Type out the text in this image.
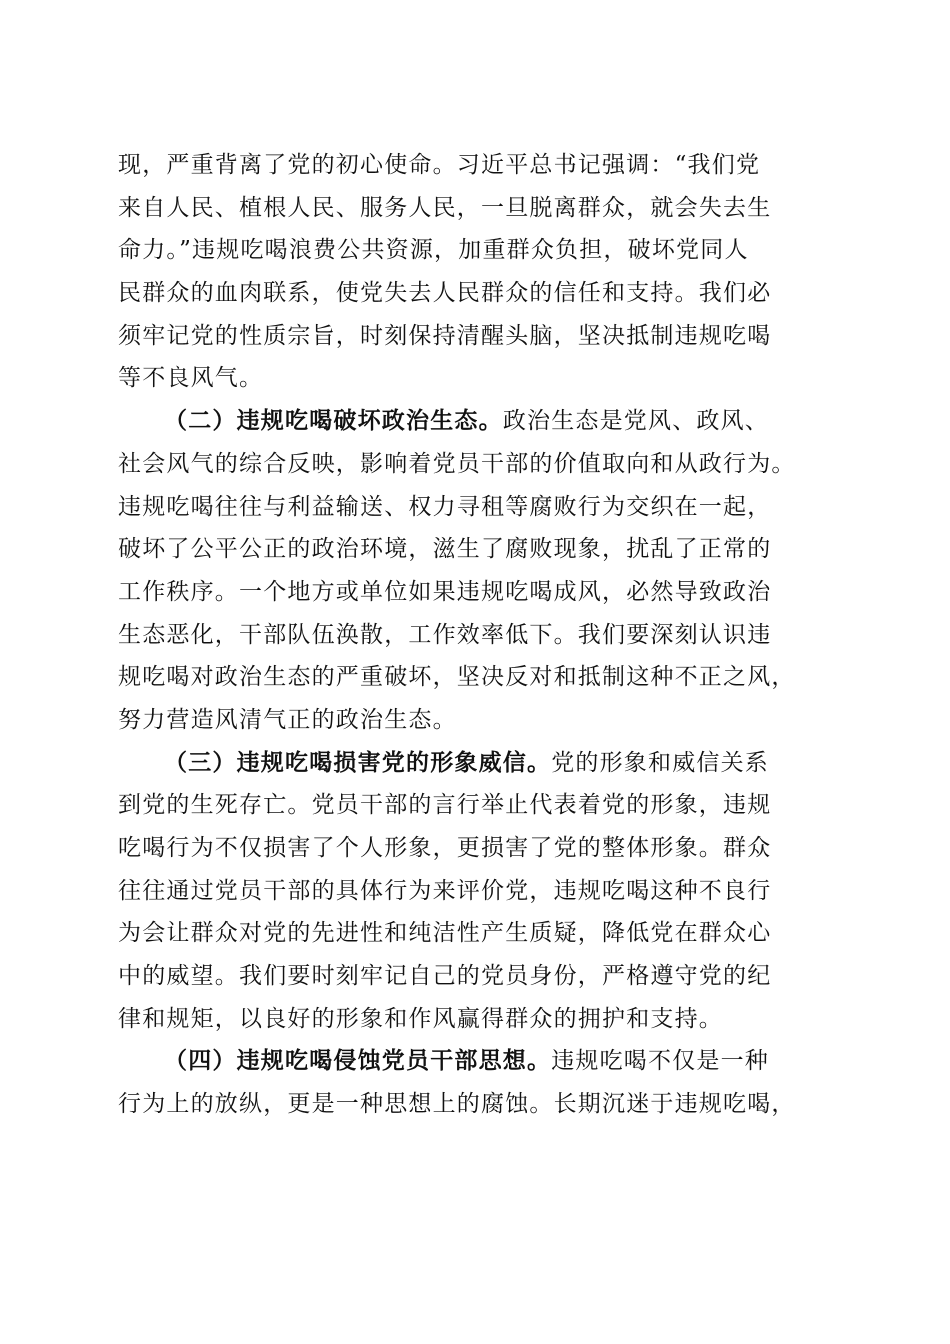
现，严重背离了党的初心使命。习近平总书记强调：“我们党
来自人民、植根人民、服务人民，一旦脱离群众，就会失去生
命力。”违规吃喝浪费公共资源，加重群众负担，破坏党同人
民群众的血肉联系，使党失去人民群众的信任和支持。我们必
须牢记党的性质宗旨，时刻保持清醒头脑，坚决抵制违规吃喝
等不良风气。
（二）违规吃喝破坏政治生态。政治生态是党风、政风、
社会风气的综合反映，影响着党员干部的价值取向和从政行为。
违规吃喝往往与利益输送、权力寻租等腐败行为交织在一起，
破坏了公平公正的政治环境，滋生了腐败现象，扰乱了正常的
工作秩序。一个地方或单位如果违规吃喝成风，必然导致政治
生态恶化，干部队伍涣散，工作效率低下。我们要深刻认识违
规吃喝对政治生态的严重破坏，坚决反对和抵制这种不正之风，
努力营造风清气正的政治生态。
（三）违规吃喝损害党的形象威信。党的形象和威信关系
到党的生死存亡。党员干部的言行举止代表着党的形象，违规
吃喝行为不仅损害了个人形象，更损害了党的整体形象。群众
往往通过党员干部的具体行为来评价党，违规吃喝这种不良行
为会让群众对党的先进性和纯洁性产生质疑，降低党在群众心
中的威望。我们要时刻牢记自己的党员身份，严格遵守党的纪
律和规矩，以良好的形象和作风赢得群众的拥护和支持。
（四）违规吃喝侵蚀党员干部思想。违规吃喝不仅是一种
行为上的放纵，更是一种思想上的腐蚀。长期沉迷于违规吃喝，
